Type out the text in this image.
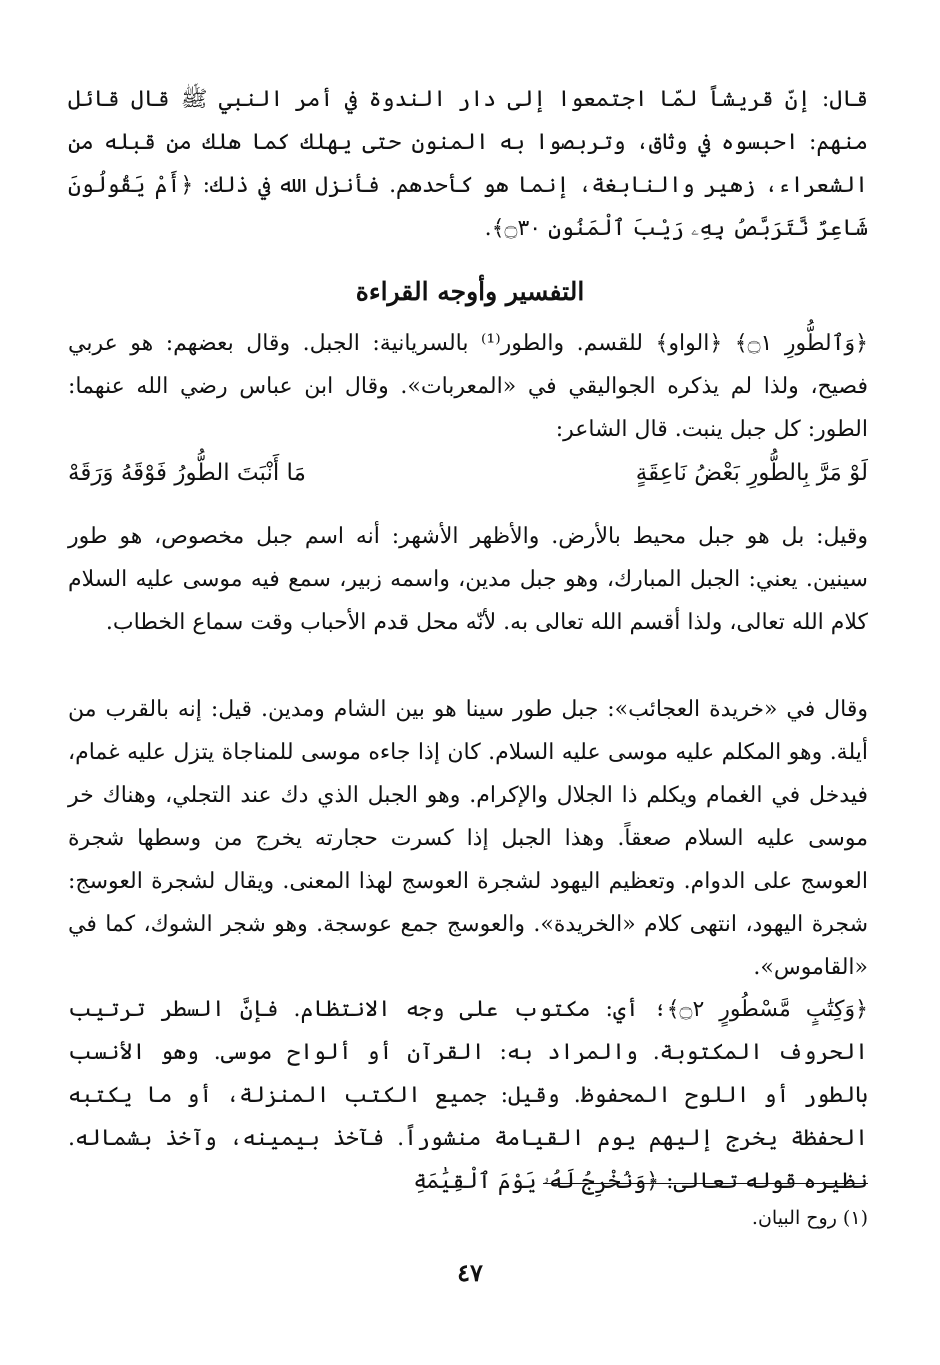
قال: إنّ قريشاً لمّا اجتمعوا إلى دار الندوة في أمر النبي ﷺ قال قائل منهم: احبسوه في وثاق، وتربصوا به المنون حتى يهلك كما هلك من قبله من الشعراء، زهير والنابغة، إنما هو كأحدهم. فأنزل الله في ذلك: ﴿أَمْ يَقُولُونَ شَاعِرٌ نَّتَرَبَّصُ بِهِۦ رَيْبَ ٱلْمَنُونِ ۝٣٠﴾.

التفسير وأوجه القراءة

﴿وَٱلطُّورِ ۝١﴾ ﴿الواو﴾ للقسم. والطور⁽¹⁾ بالسريانية: الجبل. وقال بعضهم: هو عربي فصيح، ولذا لم يذكره الجواليقي في «المعربات». وقال ابن عباس رضي الله عنهما: الطور: كل جبل ينبت. قال الشاعر:

لَوْ مَرَّ بِالطُّورِ بَعْضُ نَاعِقَةٍ
مَا أَنْبَتَ الطُّورُ فَوْقَهُ وَرَقَهْ

وقيل: بل هو جبل محيط بالأرض. والأظهر الأشهر: أنه اسم جبل مخصوص، هو طور سينين. يعني: الجبل المبارك، وهو جبل مدين، واسمه زبير، سمع فيه موسى عليه السلام كلام الله تعالى، ولذا أقسم الله تعالى به. لأنّه محل قدم الأحباب وقت سماع الخطاب.

وقال في «خريدة العجائب»: جبل طور سينا هو بين الشام ومدين. قيل: إنه بالقرب من أيلة. وهو المكلم عليه موسى عليه السلام. كان إذا جاءه موسى للمناجاة يتزل عليه غمام، فيدخل في الغمام ويكلم ذا الجلال والإكرام. وهو الجبل الذي دك عند التجلي، وهناك خر موسى عليه السلام صعقاً. وهذا الجبل إذا كسرت حجارته يخرج من وسطها شجرة العوسج على الدوام. وتعظيم اليهود لشجرة العوسج لهذا المعنى. ويقال لشجرة العوسج: شجرة اليهود، انتهى كلام «الخريدة». والعوسج جمع عوسجة. وهو شجر الشوك، كما في «القاموس».

﴿وَكِتَٰبٍ مَّسْطُورٍ ۝٢﴾؛ أي: مكتوب على وجه الانتظام. فإنَّ السطر ترتيب الحروف المكتوبة. والمراد به: القرآن أو ألواح موسى. وهو الأنسب بالطور أو اللوح المحفوظ. وقيل: جميع الكتب المنزلة، أو ما يكتبه الحفظة يخرج إليهم يوم القيامة منشوراً. فآخذ بيمينه، وآخذ بشماله. نظيره قوله تعالى: ﴿وَنُخْرِجُ لَهُۥ يَوْمَ ٱلْقِيَٰمَةِ

(١) روح البيان.
٤٧
